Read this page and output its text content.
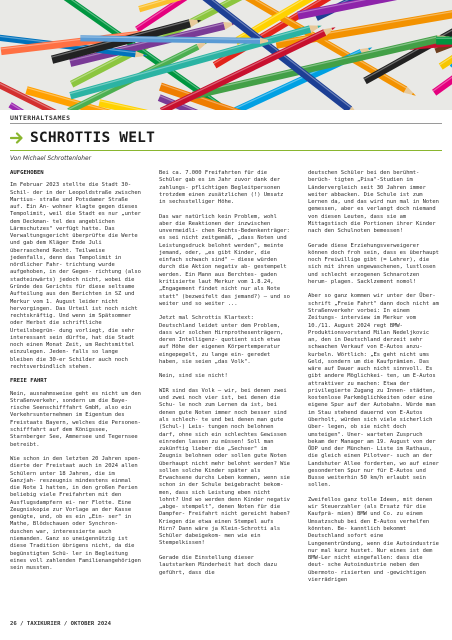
UNTERHALTSAMES
SCHROTTIS WELT
Von Michael Schrottenloher
AUFGEHOBEN

Im Februar 2023 stellte die Stadt 30-Schil- der in der Leopoldstraße zwischen Martius- straße und Potsdamer Straße auf. Ein An- wohner klagte gegen dieses Tempolimit, weil die Stadt es nur „unter dem Deckman- tel des angeblichen Lärmschutzes" verfügt hatte. Das Verwaltungsgericht überprüfte die Werte und gab dem Kläger Ende Juli überraschend Recht. Teilweise jedenfalls, denn das Tempolimit in nördlicher Fahr- trichtung wurde aufgehoben, in der Gegen- richtung (also stadteinwärts) jedoch nicht, wobei die Gründe des Gerichts für diese seltsame Aufteilung aus den Berichten in SZ und Merkur vom 1. August leider nicht hervorgingen. Das Urteil ist noch nicht rechtskräftig. Und wenn im Spätsommer oder Herbst die schriftliche Urteilsbegrün- dung vorliegt, die sehr interessant sein dürfte, hat die Stadt noch einen Monat Zeit, um Rechtsmittel einzulegen. Jeden- falls so lange bleiben die 30-er Schilder auch noch rechtsverbindlich stehen.

FREIE FAHRT

Nein, ausnahmsweise geht es nicht um den Straßenverkehr, sondern um die Baye- rische Seenschifffahrt GmbH, also ein Verkehrsunternehmen im Eigentum des Freistaats Bayern, welches die Personen- schifffahrt auf dem Königssee, Starnberger See, Ammersee und Tegernsee betreibt.

Wie schon in den letzten 20 Jahren spen- dierte der Freistaat auch in 2024 allen Schülern unter 18 Jahren, die im Ganzjah- reszeugnis mindestens einmal die Note 1 hatten, in den großen Ferien beliebig viele Freifahrten mit den Ausflugsdampfern ei- ner Flotte. Eine Zeugniskopie zur Vorlage an der Kasse genügte, und, ob es ein „Ein- ser" in Mathe, Blödschauen oder Synchron- duschen war, interessierte auch niemanden. Ganz so uneigennützig ist diese Tradition übrigens nicht, da die begünstigten Schü- ler in Begleitung eines voll zahlenden Familienangehörigen sein mussten.

Bei ca. 7.000 Freifahrten für die Schüler gab es im Jahr zuvor dank der zahlungs- pflichtigen Begleitpersonen trotzdem einen zusätzlichen (!) Umsatz in sechsstelliger Höhe.

Das war natürlich kein Problem, wohl aber die Reaktionen der inzwischen unvermeidli- chen Rechts-Bedenkenträger: es sei nicht zeitgemäß, „dass Noten und Leistungsdruck belohnt werden", meinte jemand, oder, „es gibt Kinder, die einfach schwach sind" – diese würden durch die Aktion negativ ab- gestempelt werden. Ein Mann aus Berchtes- gaden kritisierte laut Merkur vom 1.8.24, „Engagement findet nicht nur als Note statt" (bezweifelt das jemand?) – und so weiter und so weiter ...

Jetzt mal Schrottis Klartext: Deutschland leidet unter dem Problem, dass wir solchen Hirnprothesenträgern, deren Intelligenz- quotient sich etwa auf Höhe der eigenen Körpertemperatur eingepegelt, zu lange ein- geredet haben, sie seien „das Volk".

Nein, sind sie nicht!

WIR sind das Volk – wir, bei denen zwei und zwei noch vier ist, bei denen die Schu- le noch zum Lernen da ist, bei denen gute Noten immer noch besser sind als schlech- te und bei denen man gute (Schul-) Leis- tungen noch belohnen darf, ohne sich ein schlechtes Gewissen einreden lassen zu müssen! Soll man zukünftig lieber die „Sechser" im Zeugnis belohnen oder sollen gute Noten überhaupt nicht mehr belohnt werden? Wie sollen solche Kinder später als Erwachsene durchs Leben kommen, wenn sie schon in der Schule beigebracht bekom- men, dass sich Leistung eben nicht lohnt? Und wo werden denn Kinder negativ „abge- stempelt", denen Noten für die Dampfer- Freifahrt nicht gereicht haben? Kriegen die etwa einen Stempel aufs Hirn? Dann wäre ja Klein-Schrotti als Schüler dabeigekom- men wie ein Stempelkissen!

Gerade die Einstellung dieser lautstarken Minderheit hat doch dazu geführt, dass die

deutschen Schüler bei den berühmt-berüch- tigten „Pisa"-Studien im Ländervergleich seit 30 Jahren immer weiter abbacken. Die Schule ist zum Lernen da, und das wird nun mal in Noten gemessen, aber es verlangt doch niemand von diesen Leuten, dass sie am Mittagstisch die Portionen ihrer Kinder nach den Schulnoten bemessen!

Gerade diese Erziehungsverweigerer können doch froh sein, dass es überhaupt noch Freiwillige gibt (= Lehrer), die sich mit ihren ungewaschenen, lustlosen und schlecht erzogenen Schnarotzen herum- plagen. Sacklzement nomol!

Aber so ganz kommen wir unter der Über- schrift „Freie Fahrt" dann doch nicht am Straßenverkehr vorbei: In einem Zeitungs- interview im Merkur vom 10./11. August 2024 regt BMW-Produktionsvorstand Milan Nedeljkovic an, den in Deutschland derzeit sehr schwachen Verkauf von E-Autos anzu- kurbeln. Wörtlich: „Es geht nicht ums Geld, sondern um die Kaufprämien. Das wäre auf Dauer auch nicht sinnvoll. Es gibt andere Möglichkei- ten, um E-Autos attraktiver zu machen: Etwa der privilegierte Zugang zu Innen- städten, kostenlose Parkmöglichkeiten oder eine eigene Spur auf der Autobahn. Würde man im Stau stehend dauernd von E-Autos überholt, würden sich viele sicherlich über- legen, ob sie nicht doch umsteigen". Uner- warteten Zuspruch bekam der Manager am 19. August von der ÖDP und der München- Liste im Rathaus, die gleich einen Pilotver- such an der Landshuter Allee forderten, wo auf einer gesonderten Spur nur für E-Autos und Busse weiterhin 50 km/h erlaubt sein sollen.

Zweifellos ganz tolle Ideen, mit denen wir Steuerzahler (als Ersatz für die Kaufprä- mien) BMW und Co. zu einem Umsatzschub bei den E-Autos verhelfen könnten. Be- kanntlich bekommt Deutschland sofort eine Lungenentründung, wenn die Autoindustrie nur mal kurz hustet. Nur eines ist dem BMW-Ler nicht eingefallen: dass die deut- sche Autoindustrie neben den übermoto- risierten und -gewichtigen vierrädrigen

26 / TAXIKURIER / OKTOBER 2024
